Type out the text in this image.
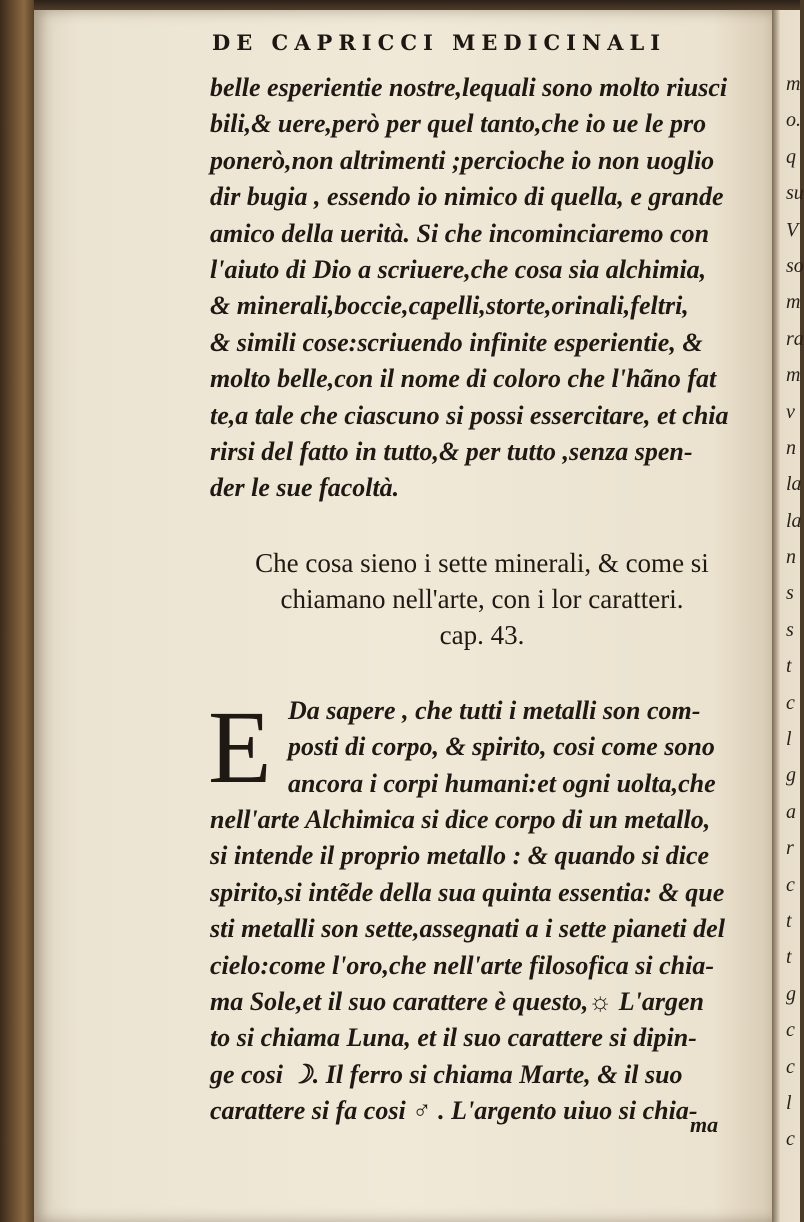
DE CAPRICCI MEDICINALI
belle esperientie nostre,lequali sono molto riusci
bili,& uere,però per quel tanto,che io ue le pro
ponerò,non altrimenti ;percioche io non uoglio
dir bugia , essendo io nimico di quella, e grande
amico della uerità. Si che incominciaremo con
l'aiuto di Dio a scriuere,che cosa sia alchimia,
& minerali,boccie,capelli,storte,orinali,feltri,
& simili cose:scriuendo infinite esperientie, &
molto belle,con il nome di coloro che l'hãno fat
te,a tale che ciascuno si possi essercitare, et chia
rirsi del fatto in tutto,& per tutto ,senza spen-
der le sue facoltà.
Che cosa sieno i sette minerali, & come si
chiamano nell'arte, con i lor caratteri.
cap. 43.
E Da sapere , che tutti i metalli son com-
posti di corpo, & spirito, cosi come sono
ancora i corpi humani:et ogni uolta,che
nell'arte Alchimica si dice corpo di un metallo,
si intende il proprio metallo : & quando si dice
spirito,si intẽde della sua quinta essentia: & que
sti metalli son sette,assegnati a i sette pianeti del
cielo:come l'oro,che nell'arte filosofica si chia-
ma Sole,et il suo carattere è questo,☼ L'argen
to si chiama Luna, et il suo carattere si dipin-
ge cosi ☽. Il ferro si chiama Marte, & il suo
carattere si fa cosi ♂ . L'argento uiuo si chia-
ma
m
o.
q
su
V
so
m
ra
m
v
n
la
la
n
s
s
t
c
l
g
a
r
c
t
t
g
c
c
l
c
